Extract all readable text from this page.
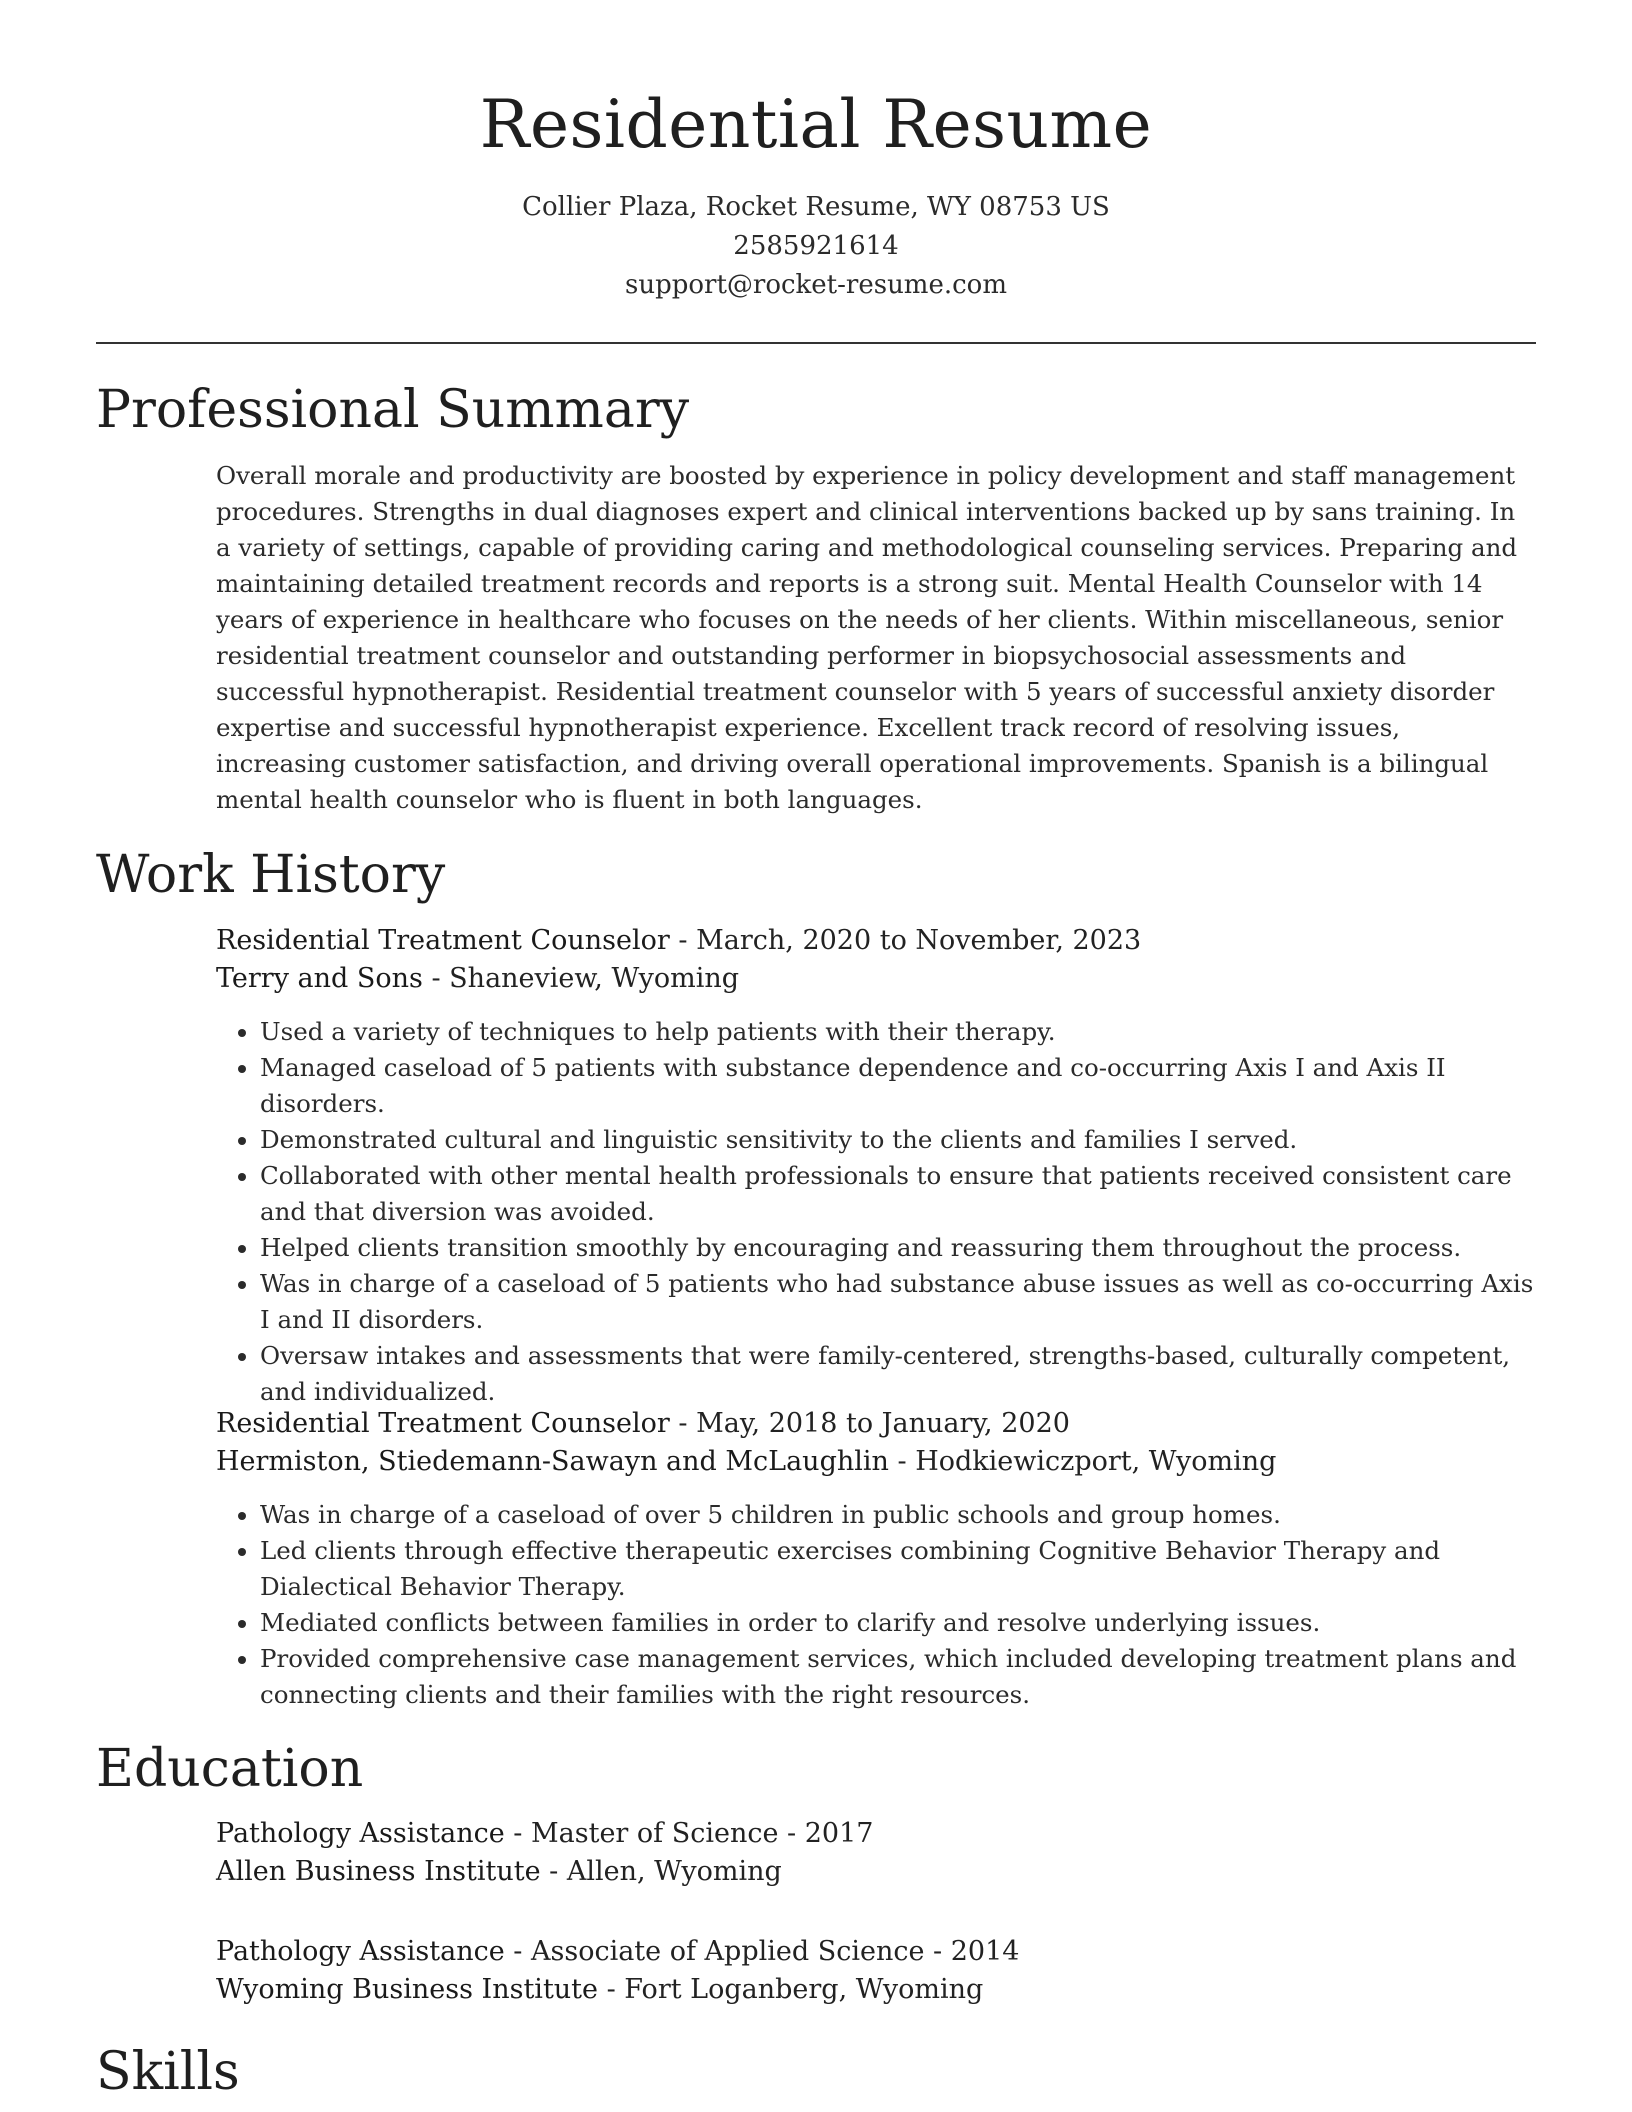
Residential Resume
Collier Plaza, Rocket Resume, WY 08753 US
2585921614
support@rocket-resume.com
Professional Summary

Overall morale and productivity are boosted by experience in policy development and staff management procedures. Strengths in dual diagnoses expert and clinical interventions backed up by sans training. In a variety of settings, capable of providing caring and methodological counseling services. Preparing and maintaining detailed treatment records and reports is a strong suit. Mental Health Counselor with 14 years of experience in healthcare who focuses on the needs of her clients. Within miscellaneous, senior residential treatment counselor and outstanding performer in biopsychosocial assessments and successful hypnotherapist. Residential treatment counselor with 5 years of successful anxiety disorder expertise and successful hypnotherapist experience. Excellent track record of resolving issues, increasing customer satisfaction, and driving overall operational improvements. Spanish is a bilingual mental health counselor who is fluent in both languages.

Work History
Residential Treatment Counselor - March, 2020 to November, 2023
Terry and Sons - Shaneview, Wyoming
• Used a variety of techniques to help patients with their therapy.
• Managed caseload of 5 patients with substance dependence and co-occurring Axis I and Axis II disorders.
• Demonstrated cultural and linguistic sensitivity to the clients and families I served.
• Collaborated with other mental health professionals to ensure that patients received consistent care and that diversion was avoided.
• Helped clients transition smoothly by encouraging and reassuring them throughout the process.
• Was in charge of a caseload of 5 patients who had substance abuse issues as well as co-occurring Axis I and II disorders.
• Oversaw intakes and assessments that were family-centered, strengths-based, culturally competent, and individualized.
Residential Treatment Counselor - May, 2018 to January, 2020
Hermiston, Stiedemann-Sawayn and McLaughlin - Hodkiewiczport, Wyoming
• Was in charge of a caseload of over 5 children in public schools and group homes.
• Led clients through effective therapeutic exercises combining Cognitive Behavior Therapy and Dialectical Behavior Therapy.
• Mediated conflicts between families in order to clarify and resolve underlying issues.
• Provided comprehensive case management services, which included developing treatment plans and connecting clients and their families with the right resources.
Education
Pathology Assistance - Master of Science - 2017
Allen Business Institute - Allen, Wyoming
Pathology Assistance - Associate of Applied Science - 2014
Wyoming Business Institute - Fort Loganberg, Wyoming
Skills
